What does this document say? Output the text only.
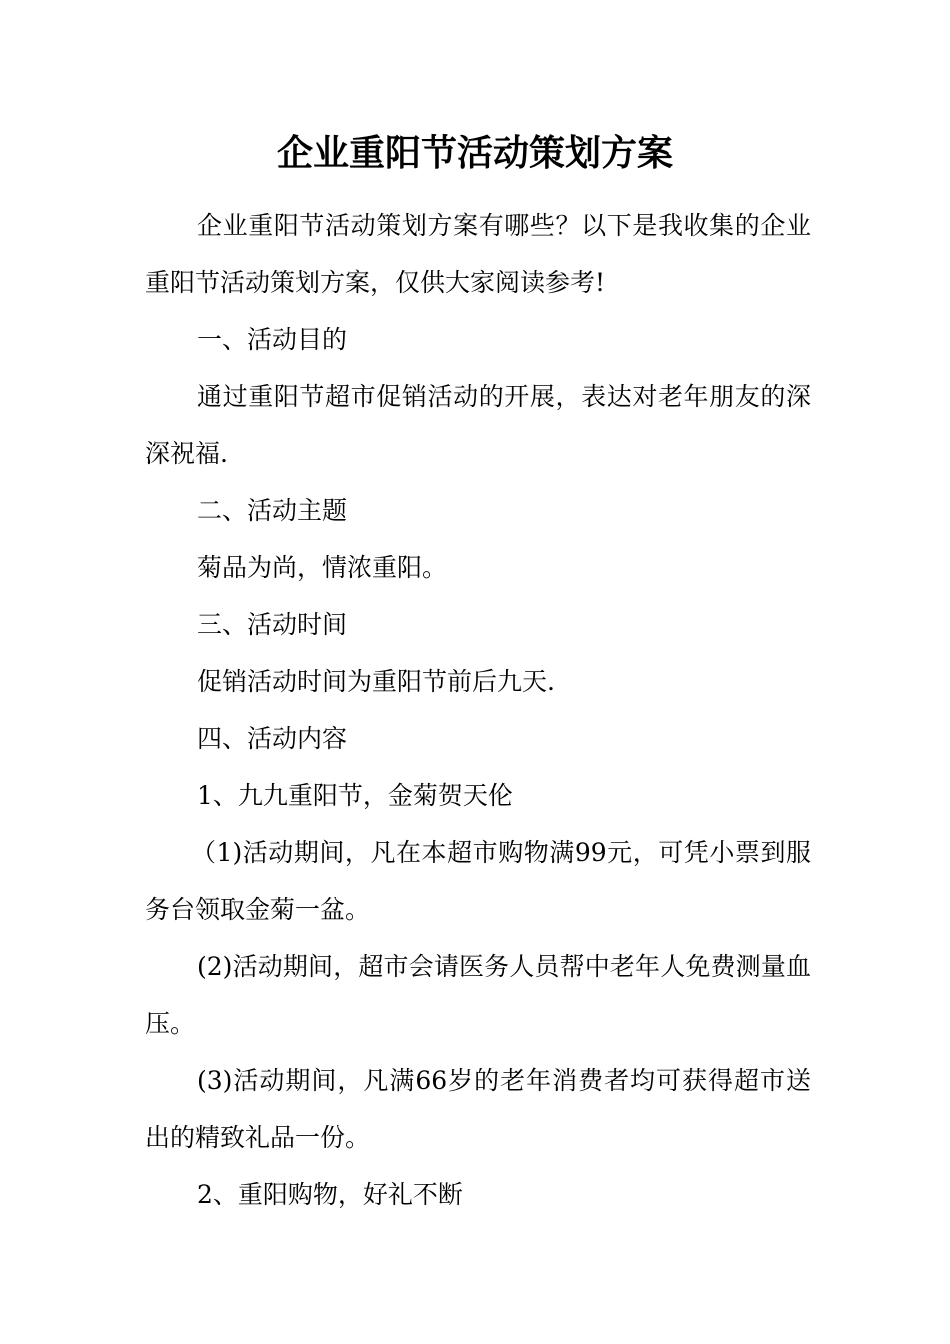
企业重阳节活动策划方案

企业重阳节活动策划方案有哪些？以下是我收集的企业重阳节活动策划方案，仅供大家阅读参考!

一、活动目的

通过重阳节超市促销活动的开展，表达对老年朋友的深深祝福.

二、活动主题

菊品为尚，情浓重阳。

三、活动时间

促销活动时间为重阳节前后九天.

四、活动内容

1、九九重阳节，金菊贺天伦

（1)活动期间，凡在本超市购物满99元，可凭小票到服务台领取金菊一盆。

(2)活动期间，超市会请医务人员帮中老年人免费测量血压。

(3)活动期间，凡满66岁的老年消费者均可获得超市送出的精致礼品一份。

2、重阳购物，好礼不断
